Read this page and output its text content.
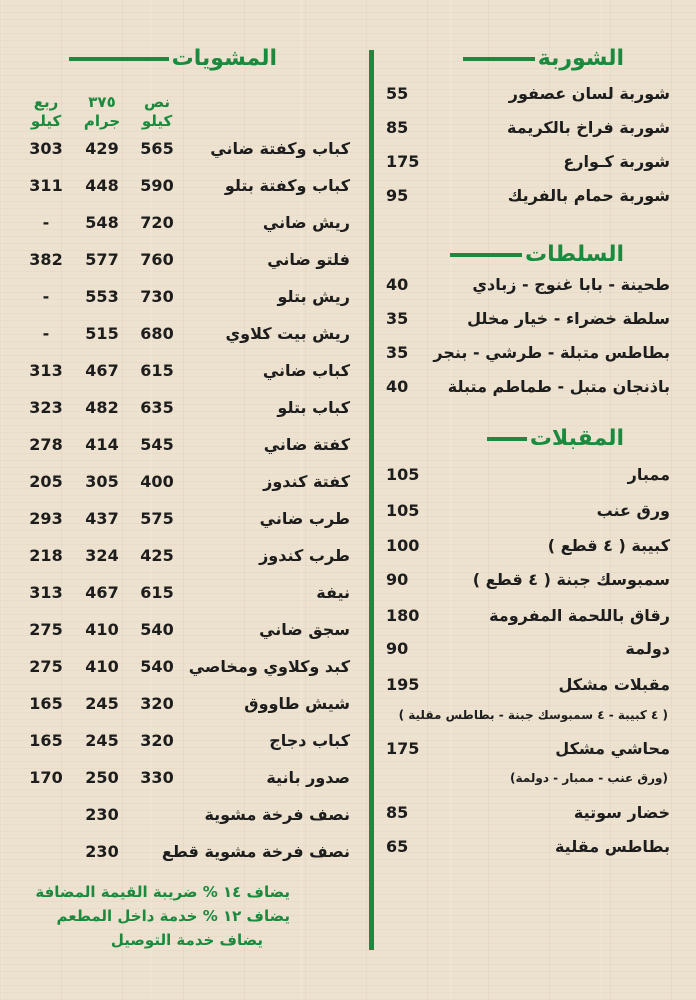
الشوربة
شوربة لسان عصفور
55
شوربة فراخ بالكريمة
85
شوربة كـوارع
175
شوربة حمام بالفريك
95
السلطات
طحينة - بابا غنوج - زبادي
40
سلطة خضراء - خيار مخلل
35
بطاطس متبلة - طرشي - بنجر
35
باذنجان متبل - طماطم متبلة
40
المقبلات
ممبار
105
ورق عنب
105
كبيبة ( ٤ قطع )
100
سمبوسك جبنة ( ٤ قطع )
90
رقاق باللحمة المفرومة
180
دولمة
90
مقبلات مشكل
195
محاشي مشكل
175
خضار سوتية
85
بطاطس مقلية
65
( ٤ كبيبة - ٤ سمبوسك جبنة - بطاطس مقلية )
(ورق عنب - ممبار - دولمة)
المشويات
نص كيلو
٣٧٥ جرام
ربع كيلو
كباب وكفتة ضاني
565
429
303
كباب وكفتة بتلو
590
448
311
ريش ضاني
720
548
-
فلتو ضاني
760
577
382
ريش بتلو
730
553
-
ريش بيت كلاوي
680
515
-
كباب ضاني
615
467
313
كباب بتلو
635
482
323
كفتة ضاني
545
414
278
كفتة كندوز
400
305
205
طرب ضاني
575
437
293
طرب كندوز
425
324
218
نيفة
615
467
313
سجق ضاني
540
410
275
كبد وكلاوي ومخاصي
540
410
275
شيش طاووق
320
245
165
كباب دجاج
320
245
165
صدور بانية
330
250
170
نصف فرخة مشوية
230
نصف فرخة مشوية قطع
230
يضاف ١٤ % ضريبة القيمة المضافة
يضاف ١٢ % خدمة داخل المطعم
يضاف خدمة التوصيل
